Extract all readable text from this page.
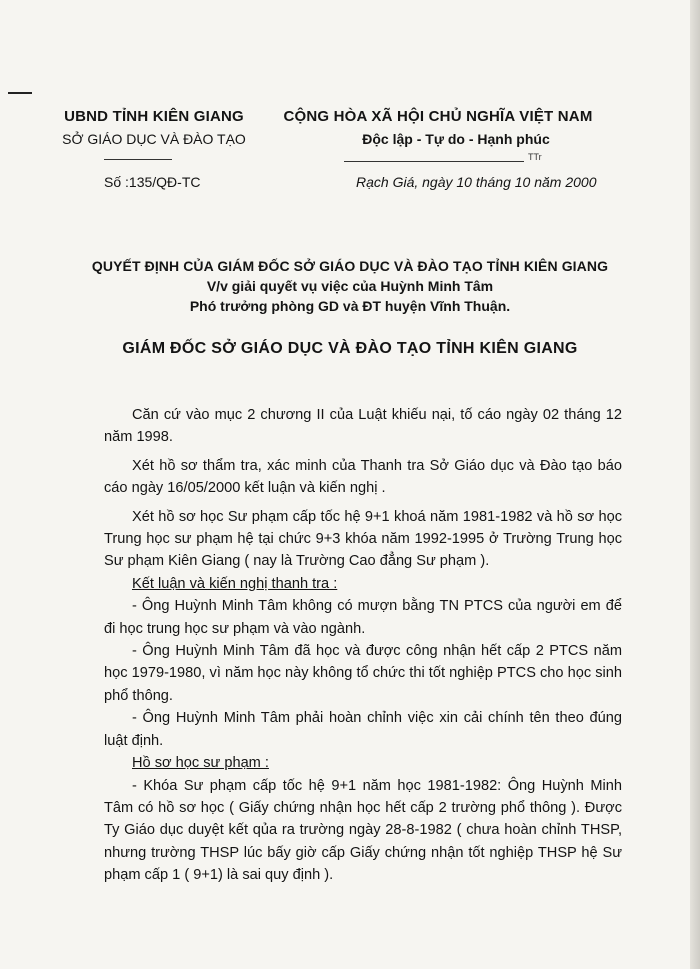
UBND TỈNH KIÊN GIANG
SỞ GIÁO DỤC VÀ ĐÀO TẠO
CỘNG HÒA XÃ HỘI CHỦ NGHĨA VIỆT NAM
Độc lập - Tự do - Hạnh phúc
TTr
Số :135/QĐ-TC	Rạch Giá, ngày 10 tháng 10 năm 2000
QUYẾT ĐỊNH CỦA GIÁM ĐỐC SỞ GIÁO DỤC VÀ ĐÀO TẠO TỈNH KIÊN GIANG
V/v giải quyết vụ việc của Huỳnh Minh Tâm
Phó trưởng phòng GD và ĐT huyện Vĩnh Thuận.
GIÁM ĐỐC SỞ GIÁO DỤC VÀ ĐÀO TẠO TỈNH KIÊN GIANG

Căn cứ vào mục 2 chương II của Luật khiếu nại, tố cáo ngày 02 tháng 12 năm 1998.

Xét hồ sơ thẩm tra, xác minh của Thanh tra Sở Giáo dục và Đào tạo báo cáo ngày 16/05/2000 kết luận và kiến nghị .

Xét hồ sơ học Sư phạm cấp tốc hệ 9+1 khoá năm 1981-1982 và hồ sơ học Trung học sư phạm hệ tại chức 9+3 khóa năm 1992-1995 ở Trường Trung học Sư phạm Kiên Giang ( nay là Trường Cao đẳng Sư phạm ).

Kết luận và kiến nghị thanh tra :

- Ông Huỳnh Minh Tâm không có mượn bằng TN PTCS của người em để đi học trung học sư phạm và vào ngành.

- Ông Huỳnh Minh Tâm đã học và được công nhận hết cấp 2 PTCS năm học 1979-1980, vì năm học này không tổ chức thi tốt nghiệp PTCS cho học sinh phổ thông.

- Ông Huỳnh Minh Tâm phải hoàn chỉnh việc xin cải chính tên theo đúng luật định.

Hồ sơ học sư phạm :

- Khóa Sư phạm cấp tốc hệ 9+1 năm học 1981-1982: Ông Huỳnh Minh Tâm có hồ sơ học ( Giấy chứng nhận học hết cấp 2 trường phổ thông ). Được Ty Giáo dục duyệt kết qủa ra trường ngày 28-8-1982 ( chưa hoàn chỉnh THSP, nhưng trường THSP lúc bấy giờ cấp Giấy chứng nhận tốt nghiệp THSP hệ Sư phạm cấp 1 ( 9+1) là sai quy định ).
